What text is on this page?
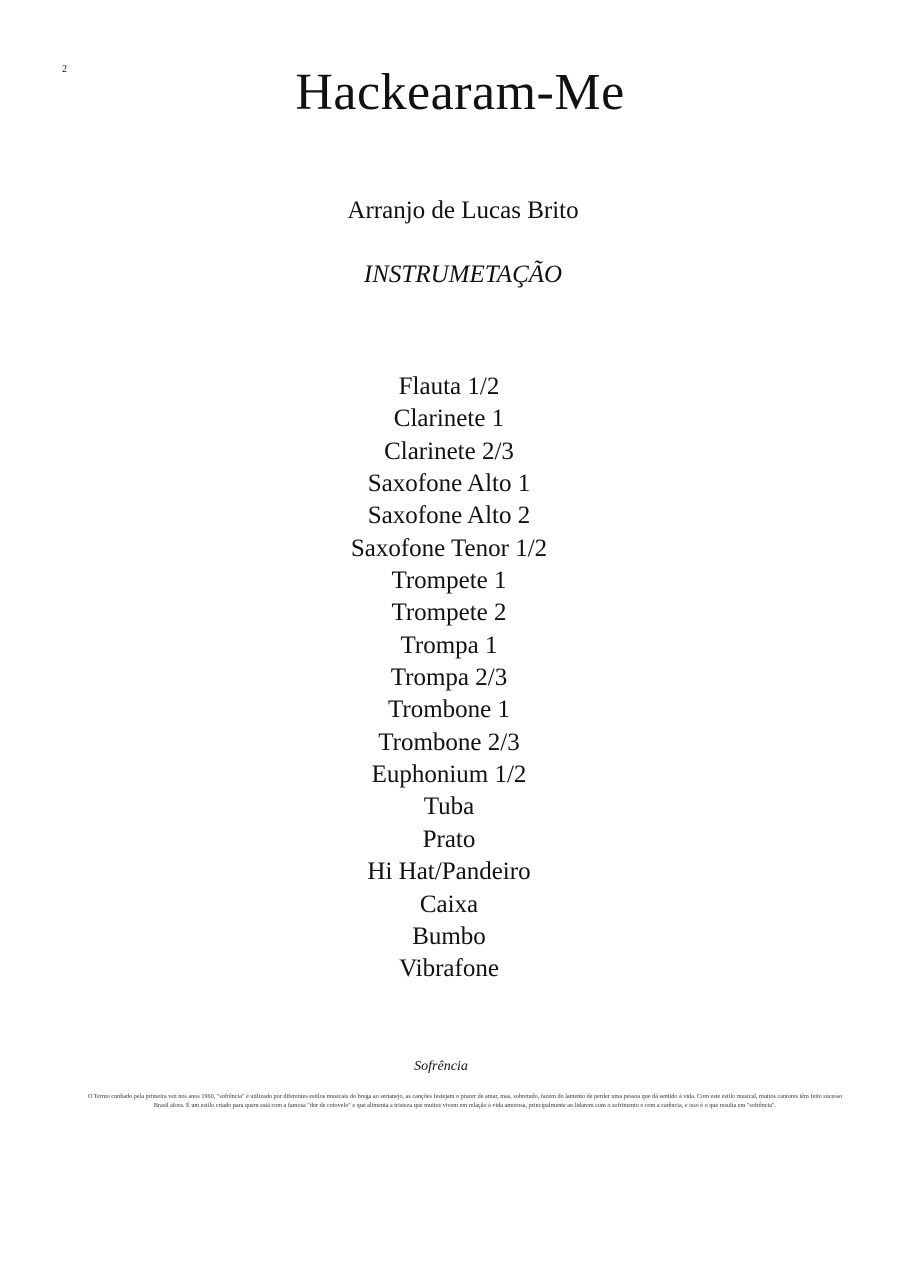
2	Hackearam-Me
Arranjo de Lucas Brito
INSTRUMETAÇÃO
Flauta 1/2
Clarinete 1
Clarinete 2/3
Saxofone Alto 1
Saxofone Alto 2
Saxofone Tenor 1/2
Trompete 1
Trompete 2
Trompa 1
Trompa 2/3
Trombone 1
Trombone 2/3
Euphonium 1/2
Tuba
Prato
Hi Hat/Pandeiro
Caixa
Bumbo
Vibrafone
Sofrência

O Termo cunhado pela primeira vez nos anos 1960, "sofrência" é utilizado por diferentes estilos musicais do brega ao sertanejo, as canções festejam o prazer de amar, mas, sobretudo, fazem do lamento de perder uma pessoa que dá sentido à vida. Com este estilo musical, muitos cantores têm feito sucesso Brasil afora. É um estilo criado para quem está com a famosa "dor de cotovelo" e que alimenta a tristeza que muitos vivem em relação à vida amorosa, principalmente ao lidarem com o sofrimento e com a carência, e isso é o que resulta em "sofrência".
